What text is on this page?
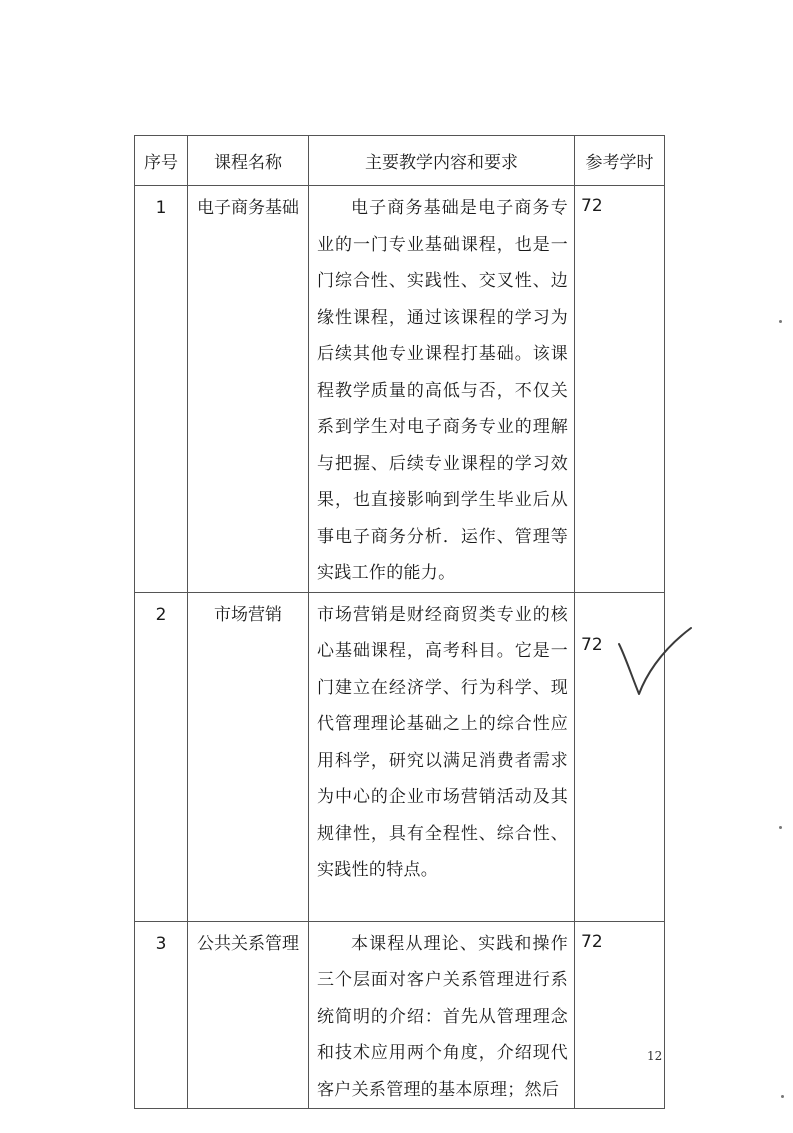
序号	课程名称	主要教学内容和要求	参考学时
1	电子商务基础	电子商务基础是电子商务专业的一门专业基础课程，也是一门综合性、实践性、交叉性、边缘性课程，通过该课程的学习为后续其他专业课程打基础。该课程教学质量的高低与否，不仅关系到学生对电子商务专业的理解与把握、后续专业课程的学习效果，也直接影响到学生毕业后从事电子商务分析．运作、管理等实践工作的能力。	72
2	市场营销	市场营销是财经商贸类专业的核心基础课程，高考科目。它是一门建立在经济学、行为科学、现代管理理论基础之上的综合性应用科学，研究以满足消费者需求为中心的企业市场营销活动及其规律性，具有全程性、综合性、实践性的特点。	72
3	公共关系管理	本课程从理论、实践和操作三个层面对客户关系管理进行系统简明的介绍：首先从管理理念和技术应用两个角度，介绍现代客户关系管理的基本原理；然后	72
12
